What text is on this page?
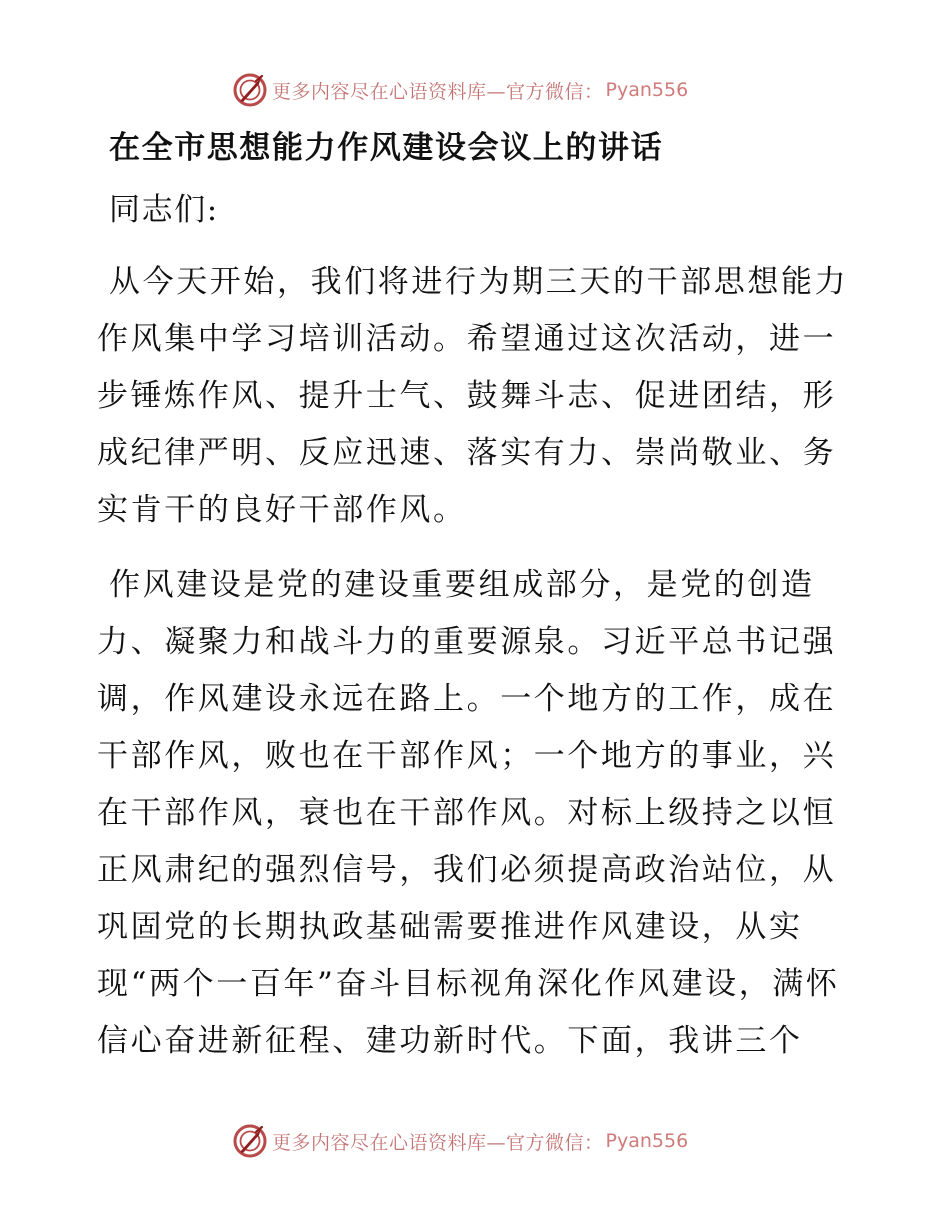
更多内容尽在心语资料库—官方微信： Pyan556
在全市思想能力作风建设会议上的讲话

同志们:

从今天开始，我们将进行为期三天的干部思想能力作风集中学习培训活动。希望通过这次活动，进一步锤炼作风、提升士气、鼓舞斗志、促进团结，形成纪律严明、反应迅速、落实有力、崇尚敬业、务实肯干的良好干部作风。

作风建设是党的建设重要组成部分，是党的创造力、凝聚力和战斗力的重要源泉。习近平总书记强调，作风建设永远在路上。一个地方的工作，成在干部作风，败也在干部作风；一个地方的事业，兴在干部作风，衰也在干部作风。对标上级持之以恒正风肃纪的强烈信号，我们必须提高政治站位，从巩固党的长期执政基础需要推进作风建设，从实现“两个一百年”奋斗目标视角深化作风建设，满怀信心奋进新征程、建功新时代。下面，我讲三个

更多内容尽在心语资料库—官方微信： Pyan556
